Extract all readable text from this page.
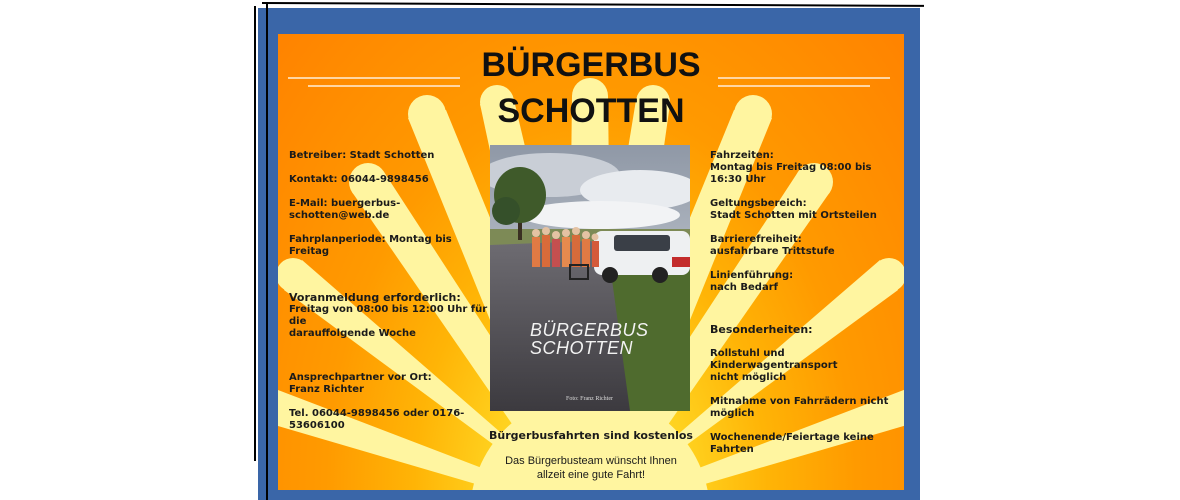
BÜRGERBUS
SCHOTTEN

Betreiber: Stadt Schotten

Kontakt: 06044-9898456

E-Mail: buergerbus-schotten@web.de

Fahrplanperiode: Montag bis Freitag

Voranmeldung erforderlich:

Freitag von 08:00 bis 12:00 Uhr für die

darauffolgende Woche

Ansprechpartner vor Ort:

Franz Richter

Tel. 06044-9898456 oder 0176-53606100

Fahrzeiten:

Montag bis Freitag 08:00 bis 16:30 Uhr

Geltungsbereich:

Stadt Schotten mit Ortsteilen

Barrierefreiheit:

ausfahrbare Trittstufe

Linienführung:

nach Bedarf

Besonderheiten:

Rollstuhl und Kinderwagentransport

nicht möglich

Mitnahme von Fahrrädern nicht möglich

Wochenende/Feiertage keine Fahrten

BÜRGERBUS
SCHOTTEN

Foto: Franz Richter

Bürgerbusfahrten sind kostenlos

Das Bürgerbusteam wünscht Ihnen
allzeit eine gute Fahrt!
